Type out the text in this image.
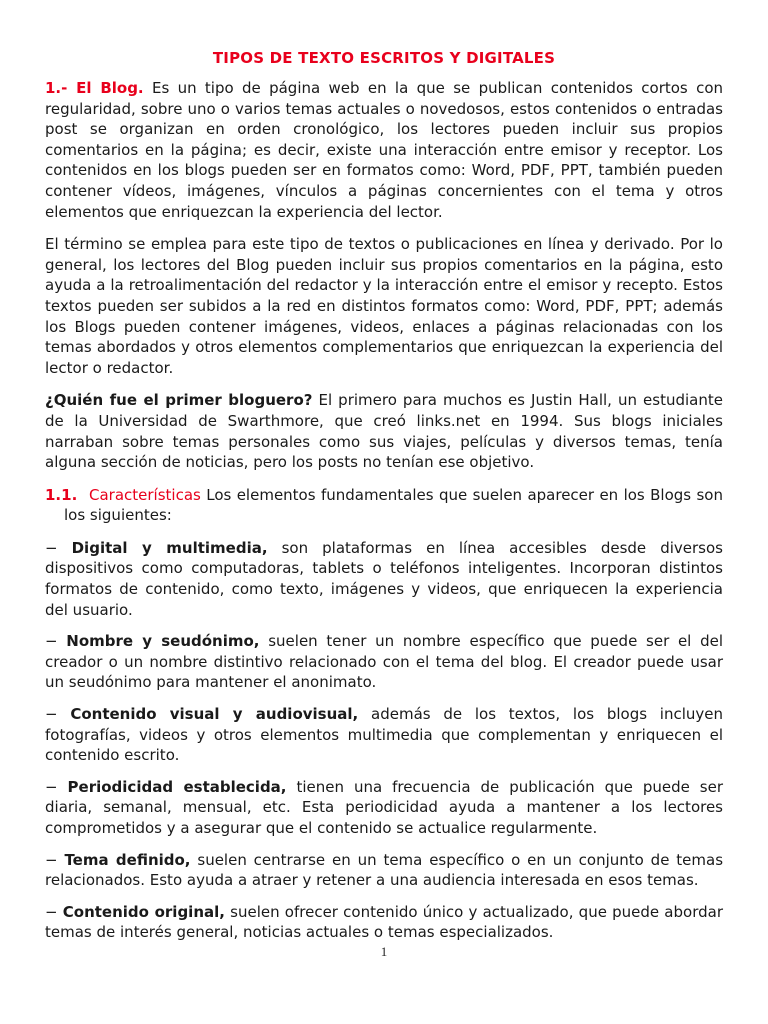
TIPOS DE TEXTO ESCRITOS Y DIGITALES

1.- El Blog. Es un tipo de página web en la que se publican contenidos cortos con regularidad, sobre uno o varios temas actuales o novedosos, estos contenidos o entradas post se organizan en orden cronológico, los lectores pueden incluir sus propios comentarios en la página; es decir, existe una interacción entre emisor y receptor. Los contenidos en los blogs pueden ser en formatos como: Word, PDF, PPT, también pueden contener vídeos, imágenes, vínculos a páginas concernientes con el tema y otros elementos que enriquezcan la experiencia del lector.

El término se emplea para este tipo de textos o publicaciones en línea y derivado. Por lo general, los lectores del Blog pueden incluir sus propios comentarios en la página, esto ayuda a la retroalimentación del redactor y la interacción entre el emisor y recepto. Estos textos pueden ser subidos a la red en distintos formatos como: Word, PDF, PPT; además los Blogs pueden contener imágenes, videos, enlaces a páginas relacionadas con los temas abordados y otros elementos complementarios que enriquezcan la experiencia del lector o redactor.

¿Quién fue el primer bloguero? El primero para muchos es Justin Hall, un estudiante de la Universidad de Swarthmore, que creó links.net en 1994. Sus blogs iniciales narraban sobre temas personales como sus viajes, películas y diversos temas, tenía alguna sección de noticias, pero los posts no tenían ese objetivo.

1.1. Características Los elementos fundamentales que suelen aparecer en los Blogs son los siguientes:

− Digital y multimedia, son plataformas en línea accesibles desde diversos dispositivos como computadoras, tablets o teléfonos inteligentes. Incorporan distintos formatos de contenido, como texto, imágenes y videos, que enriquecen la experiencia del usuario.

− Nombre y seudónimo, suelen tener un nombre específico que puede ser el del creador o un nombre distintivo relacionado con el tema del blog. El creador puede usar un seudónimo para mantener el anonimato.

− Contenido visual y audiovisual, además de los textos, los blogs incluyen fotografías, videos y otros elementos multimedia que complementan y enriquecen el contenido escrito.

− Periodicidad establecida, tienen una frecuencia de publicación que puede ser diaria, semanal, mensual, etc. Esta periodicidad ayuda a mantener a los lectores comprometidos y a asegurar que el contenido se actualice regularmente.

− Tema definido, suelen centrarse en un tema específico o en un conjunto de temas relacionados. Esto ayuda a atraer y retener a una audiencia interesada en esos temas.

− Contenido original, suelen ofrecer contenido único y actualizado, que puede abordar temas de interés general, noticias actuales o temas especializados.

1
